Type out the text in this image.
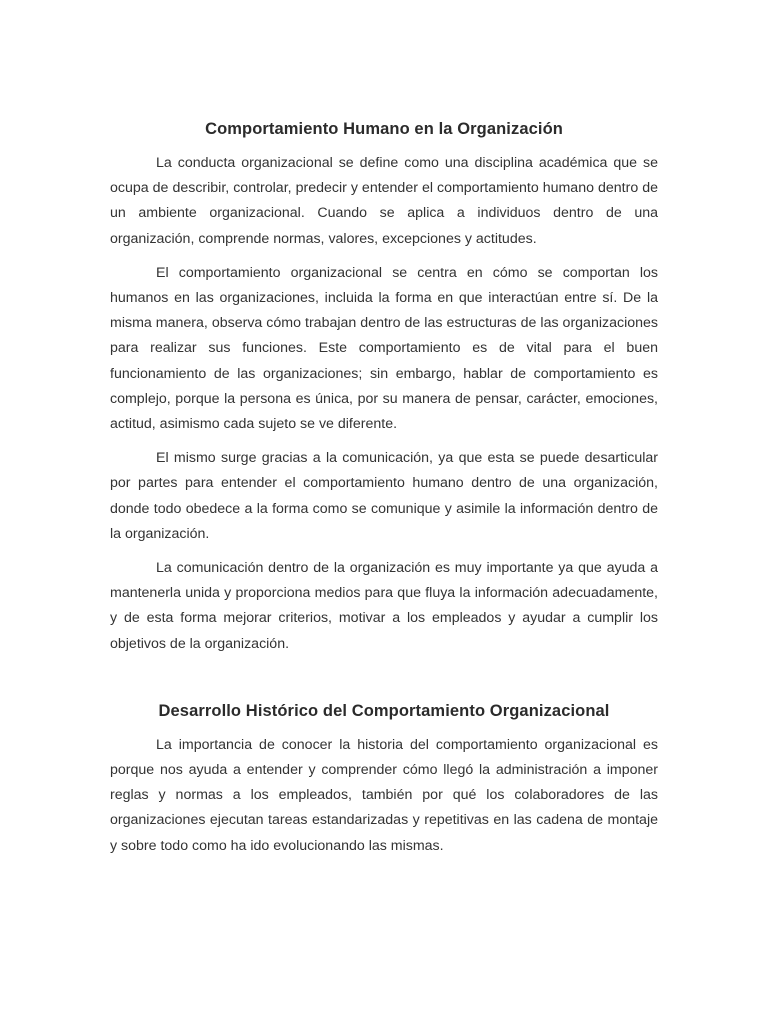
Comportamiento Humano en la Organización

La conducta organizacional se define como una disciplina académica que se ocupa de describir, controlar, predecir y entender el comportamiento humano dentro de un ambiente organizacional. Cuando se aplica a individuos dentro de una organización, comprende normas, valores, excepciones y actitudes.

El comportamiento organizacional se centra en cómo se comportan los humanos en las organizaciones, incluida la forma en que interactúan entre sí. De la misma manera, observa cómo trabajan dentro de las estructuras de las organizaciones para realizar sus funciones. Este comportamiento es de vital para el buen funcionamiento de las organizaciones; sin embargo, hablar de comportamiento es complejo, porque la persona es única, por su manera de pensar, carácter, emociones, actitud, asimismo cada sujeto se ve diferente.

El mismo surge gracias a la comunicación, ya que esta se puede desarticular por partes para entender el comportamiento humano dentro de una organización, donde todo obedece a la forma como se comunique y asimile la información dentro de la organización.

La comunicación dentro de la organización es muy importante ya que ayuda a mantenerla unida y proporciona medios para que fluya la información adecuadamente, y de esta forma mejorar criterios, motivar a los empleados y ayudar a cumplir los objetivos de la organización.

Desarrollo Histórico del Comportamiento Organizacional

La importancia de conocer la historia del comportamiento organizacional es porque nos ayuda a entender y comprender cómo llegó la administración a imponer reglas y normas a los empleados, también por qué los colaboradores de las organizaciones ejecutan tareas estandarizadas y repetitivas en las cadena de montaje y sobre todo como ha ido evolucionando las mismas.
